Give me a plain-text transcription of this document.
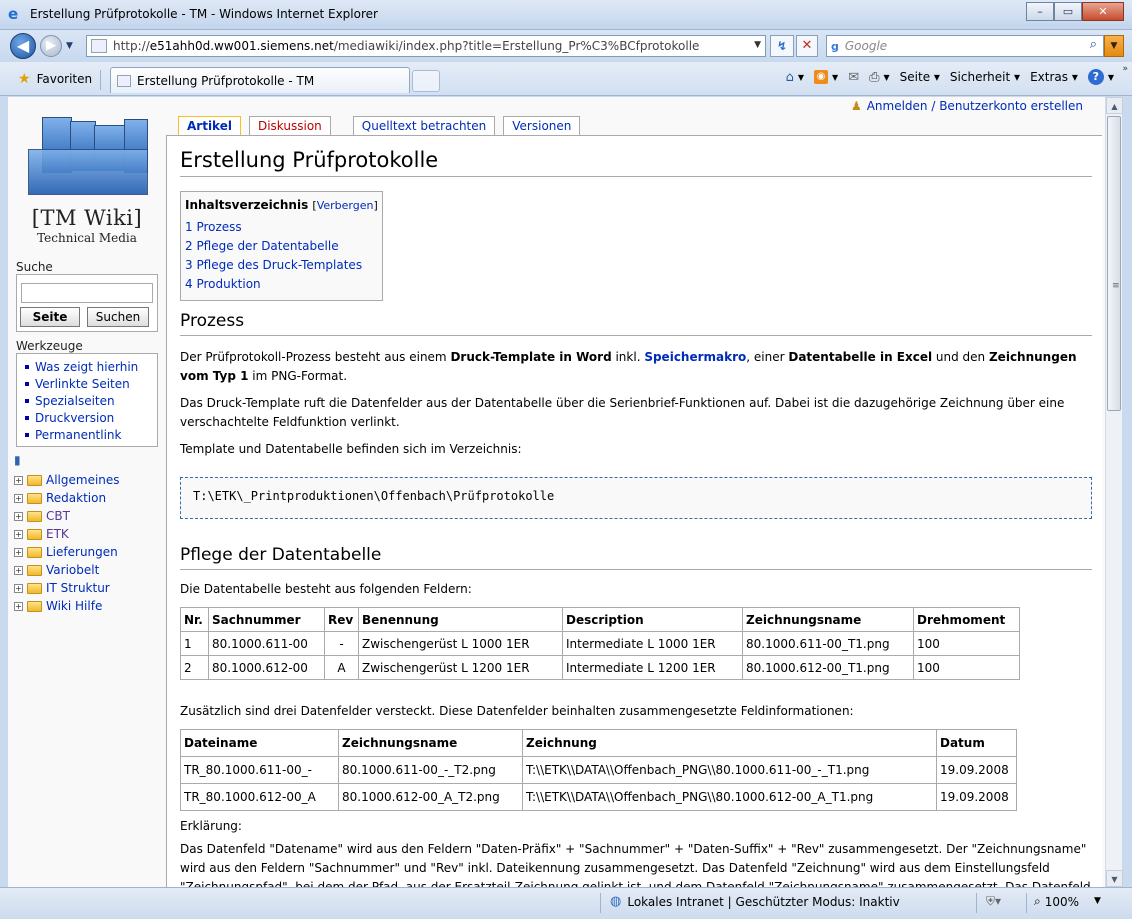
e Erstellung Prüfprotokolle - TM - Windows Internet Explorer	–	▭	✕
◀	▶	▼	http://e51ahh0d.ww001.siemens.net/mediawiki/index.php?title=Erstellung_Pr%C3%BCfprotokolle	▼	↯	✕	g Google	⌕	▼
★ Favoriten	Erstellung Prüfprotokolle - TM	⌂ ▼ ◉ ▼ ✉ ⎙ ▼ Seite ▾ Sicherheit ▾ Extras ▾	?	▼
»
♟ Anmelden / Benutzerkonto erstellen
[TM Wiki]
Technical Media
Suche
Seite	Suchen
Werkzeuge
Was zeigt hierhin
Verlinkte Seiten
Spezialseiten
Druckversion
Permanentlink
▮
+ Allgemeines
+ Redaktion
+ CBT
+ ETK
+ Lieferungen
+ Variobelt
+ IT Struktur
+ Wiki Hilfe
Artikel	Diskussion	Quelltext betrachten	Versionen
Erstellung Prüfprotokolle
Inhaltsverzeichnis [Verbergen]
1 Prozess
2 Pflege der Datentabelle
3 Pflege des Druck-Templates
4 Produktion
Prozess

Der Prüfprotokoll-Prozess besteht aus einem Druck-Template in Word inkl. Speichermakro, einer Datentabelle in Excel und den Zeichnungen vom Typ 1 im PNG-Format.

Das Druck-Template ruft die Datenfelder aus der Datentabelle über die Serienbrief-Funktionen auf. Dabei ist die dazugehörige Zeichnung über eine verschachtelte Feldfunktion verlinkt.

Template und Datentabelle befinden sich im Verzeichnis:

T:\ETK\_Printproduktionen\Offenbach\Prüfprotokolle
Pflege der Datentabelle

Die Datentabelle besteht aus folgenden Feldern:

Nr.	Sachnummer	Rev	Benennung	Description	Zeichnungsname	Drehmoment
1	80.1000.611-00	-	Zwischengerüst L 1000 1ER	Intermediate L 1000 1ER	80.1000.611-00_T1.png	100
2	80.1000.612-00	A	Zwischengerüst L 1200 1ER	Intermediate L 1200 1ER	80.1000.612-00_T1.png	100

Zusätzlich sind drei Datenfelder versteckt. Diese Datenfelder beinhalten zusammengesetzte Feldinformationen:

Dateiname	Zeichnungsname	Zeichnung	Datum
TR_80.1000.611-00_-	80.1000.611-00_-_T2.png	T:\\ETK\\DATA\\Offenbach_PNG\\80.1000.611-00_-_T1.png	19.09.2008
TR_80.1000.612-00_A	80.1000.612-00_A_T2.png	T:\\ETK\\DATA\\Offenbach_PNG\\80.1000.612-00_A_T1.png	19.09.2008

Erklärung:

Das Datenfeld "Datename" wird aus den Feldern "Daten-Präfix" + "Sachnummer" + "Daten-Suffix" + "Rev" zusammengesetzt. Der "Zeichnungsname" wird aus den Feldern "Sachnummer" und "Rev" inkl. Dateikennung zusammengesetzt. Das Datenfeld "Zeichnung" wird aus dem Einstellungsfeld

▲
≡
▼
◍ Lokales Intranet | Geschützter Modus: Inaktiv	⛨▾	⌕ 100% ▼
